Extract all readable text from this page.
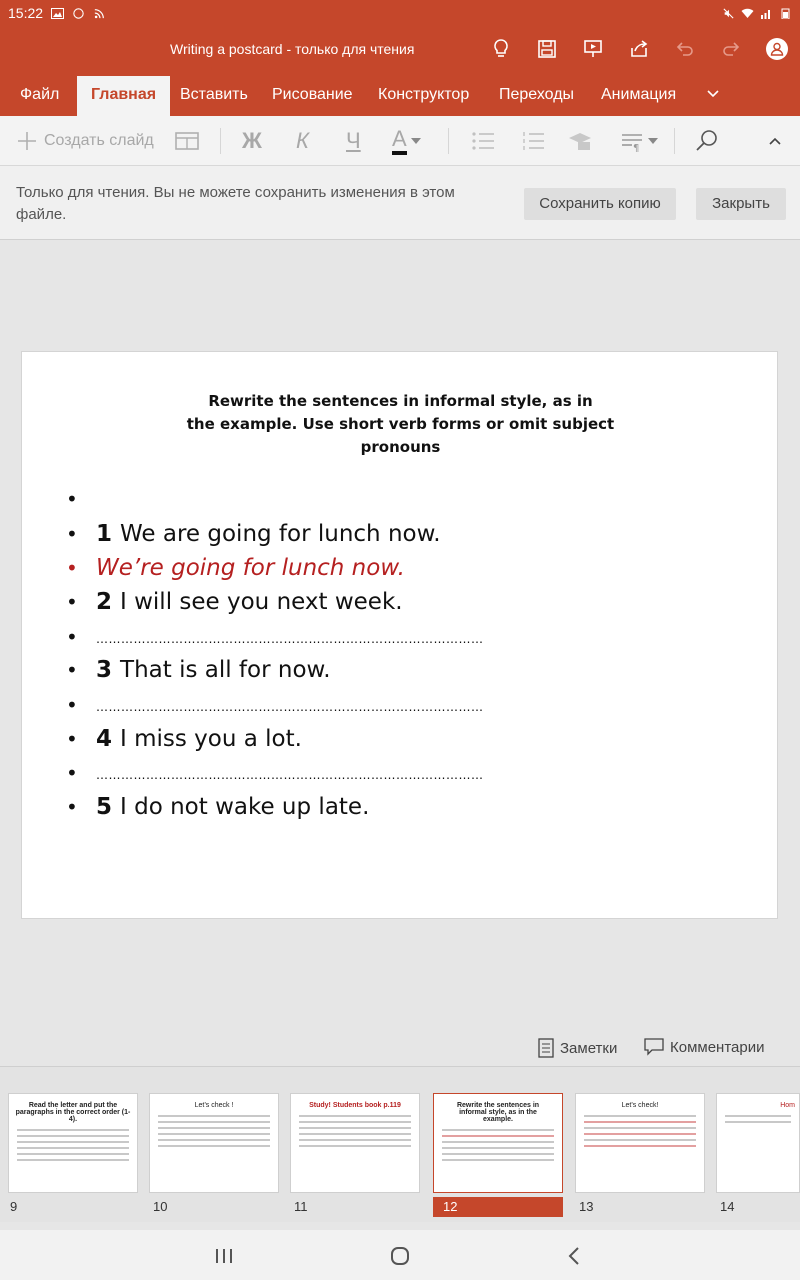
15:22
Writing a postcard - только для чтения
Файл	Главная	Вставить	Рисование	Конструктор	Переходы	Анимация
Создать слайд	Ж К Ч А	¶
Только для чтения. Вы не можете сохранить изменения в этом файле.
Сохранить копию	Закрыть
Rewrite the sentences in informal style, as in
the example. Use short verb forms or omit subject
pronouns
•
• 1 We are going for lunch now.
• We’re going for lunch now.
• 2 I will see you next week.
•	…………………………………………………………………………………
• 3 That is all for now.
•	…………………………………………………………………………………
• 4 I miss you a lot.
•	…………………………………………………………………………………
• 5 I do not wake up late.
Заметки	Комментарии
Read the letter and put the paragraphs in the correct order (1-4).
9
Let’s check !
10
Study! Students book p.119
11
Rewrite the sentences in informal style, as in the example.
12
Let’s check!
13
Hom
14
